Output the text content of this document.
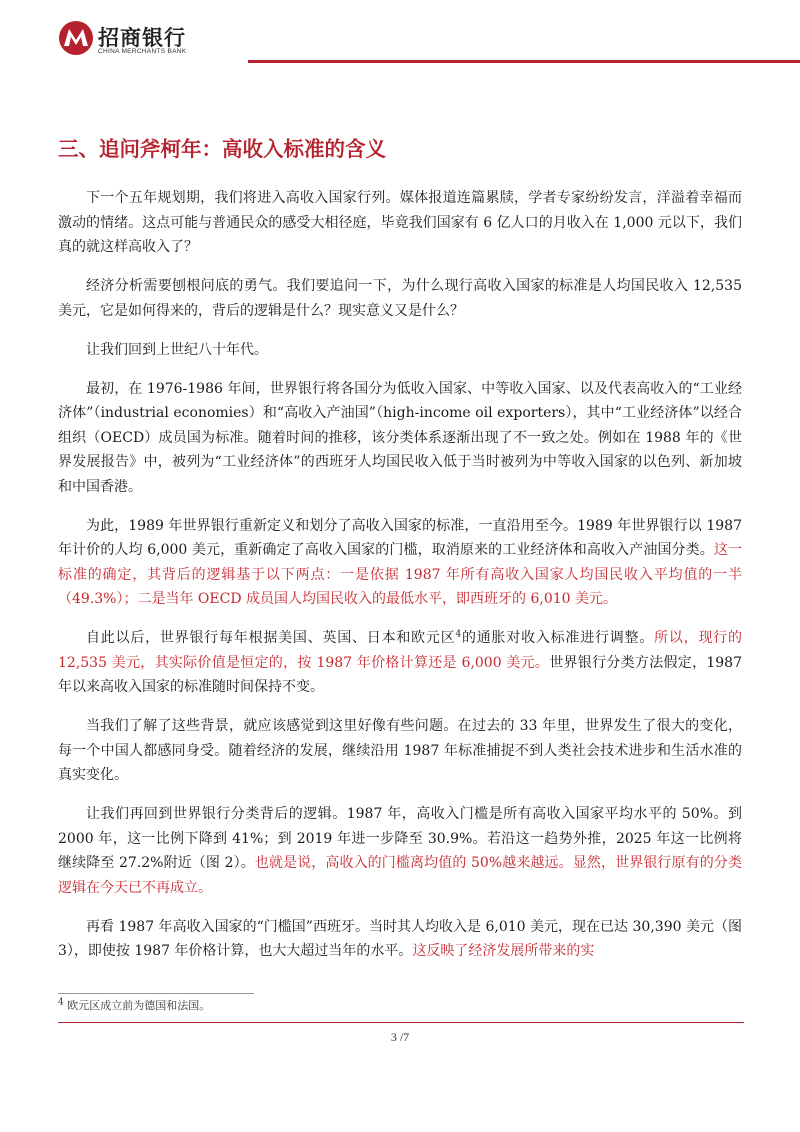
招商银行
CHINA MERCHANTS BANK
三、追问斧柯年：高收入标准的含义

下一个五年规划期，我们将进入高收入国家行列。媒体报道连篇累牍，学者专家纷纷发言，洋溢着幸福而激动的情绪。这点可能与普通民众的感受大相径庭，毕竟我们国家有 6 亿人口的月收入在 1,000 元以下，我们真的就这样高收入了？

经济分析需要刨根问底的勇气。我们要追问一下，为什么现行高收入国家的标准是人均国民收入 12,535 美元，它是如何得来的，背后的逻辑是什么？现实意义又是什么？

让我们回到上世纪八十年代。

最初，在 1976-1986 年间，世界银行将各国分为低收入国家、中等收入国家、以及代表高收入的“工业经济体”（industrial economies）和“高收入产油国”（high-income oil exporters），其中“工业经济体”以经合组织（OECD）成员国为标准。随着时间的推移，该分类体系逐渐出现了不一致之处。例如在 1988 年的《世界发展报告》中，被列为“工业经济体”的西班牙人均国民收入低于当时被列为中等收入国家的以色列、新加坡和中国香港。

为此，1989 年世界银行重新定义和划分了高收入国家的标准，一直沿用至今。1989 年世界银行以 1987 年计价的人均 6,000 美元，重新确定了高收入国家的门槛，取消原来的工业经济体和高收入产油国分类。这一标准的确定，其背后的逻辑基于以下两点：一是依据 1987 年所有高收入国家人均国民收入平均值的一半（49.3%）；二是当年 OECD 成员国人均国民收入的最低水平，即西班牙的 6,010 美元。

自此以后，世界银行每年根据美国、英国、日本和欧元区$^4$的通胀对收入标准进行调整。所以，现行的 12,535 美元，其实际价值是恒定的，按 1987 年价格计算还是 6,000 美元。世界银行分类方法假定，1987 年以来高收入国家的标准随时间保持不变。

当我们了解了这些背景，就应该感觉到这里好像有些问题。在过去的 33 年里，世界发生了很大的变化，每一个中国人都感同身受。随着经济的发展，继续沿用 1987 年标准捕捉不到人类社会技术进步和生活水准的真实变化。

让我们再回到世界银行分类背后的逻辑。1987 年，高收入门槛是所有高收入国家平均水平的 50%。到 2000 年，这一比例下降到 41%；到 2019 年进一步降至 30.9%。若沿这一趋势外推，2025 年这一比例将继续降至 27.2%附近（图 2）。也就是说，高收入的门槛离均值的 50%越来越远。显然，世界银行原有的分类逻辑在今天已不再成立。

再看 1987 年高收入国家的“门槛国”西班牙。当时其人均收入是 6,010 美元，现在已达 30,390 美元（图 3），即使按 1987 年价格计算，也大大超过当年的水平。这反映了经济发展所带来的实

$^4$ 欧元区成立前为德国和法国。
3 /7
